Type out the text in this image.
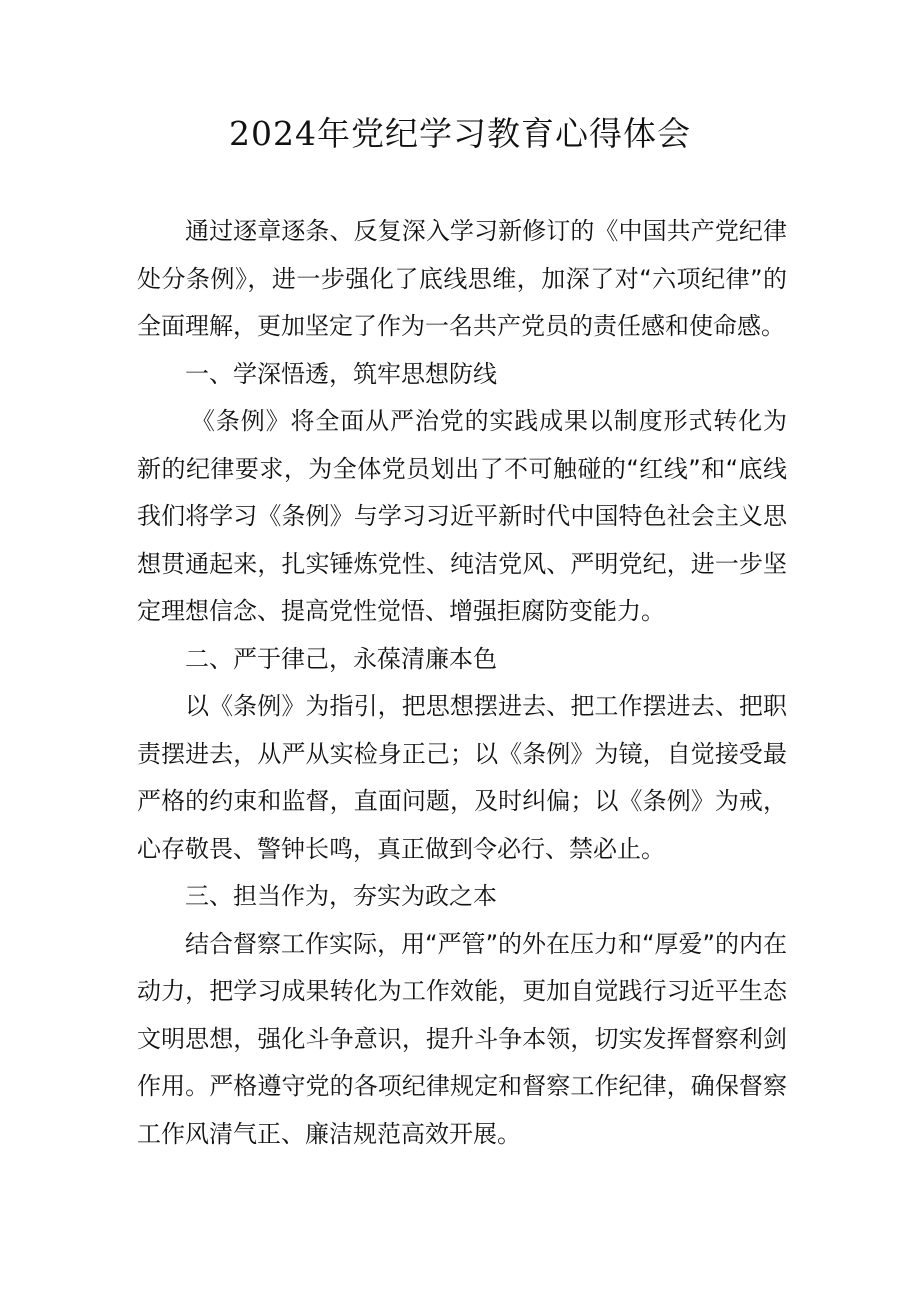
2024年党纪学习教育心得体会

通过逐章逐条、反复深入学习新修订的《中国共产党纪律处分条例》，进一步强化了底线思维，加深了对“六项纪律”的全面理解，更加坚定了作为一名共产党员的责任感和使命感。

一、学深悟透，筑牢思想防线

《条例》将全面从严治党的实践成果以制度形式转化为新的纪律要求，为全体党员划出了不可触碰的“红线”和“底线我们将学习《条例》与学习习近平新时代中国特色社会主义思想贯通起来，扎实锤炼党性、纯洁党风、严明党纪，进一步坚定理想信念、提高党性觉悟、增强拒腐防变能力。

二、严于律己，永葆清廉本色

以《条例》为指引，把思想摆进去、把工作摆进去、把职责摆进去，从严从实检身正己；以《条例》为镜，自觉接受最严格的约束和监督，直面问题，及时纠偏；以《条例》为戒，心存敬畏、警钟长鸣，真正做到令必行、禁必止。

三、担当作为，夯实为政之本

结合督察工作实际，用“严管”的外在压力和“厚爱”的内在动力，把学习成果转化为工作效能，更加自觉践行习近平生态文明思想，强化斗争意识，提升斗争本领，切实发挥督察利剑作用。严格遵守党的各项纪律规定和督察工作纪律，确保督察工作风清气正、廉洁规范高效开展。
